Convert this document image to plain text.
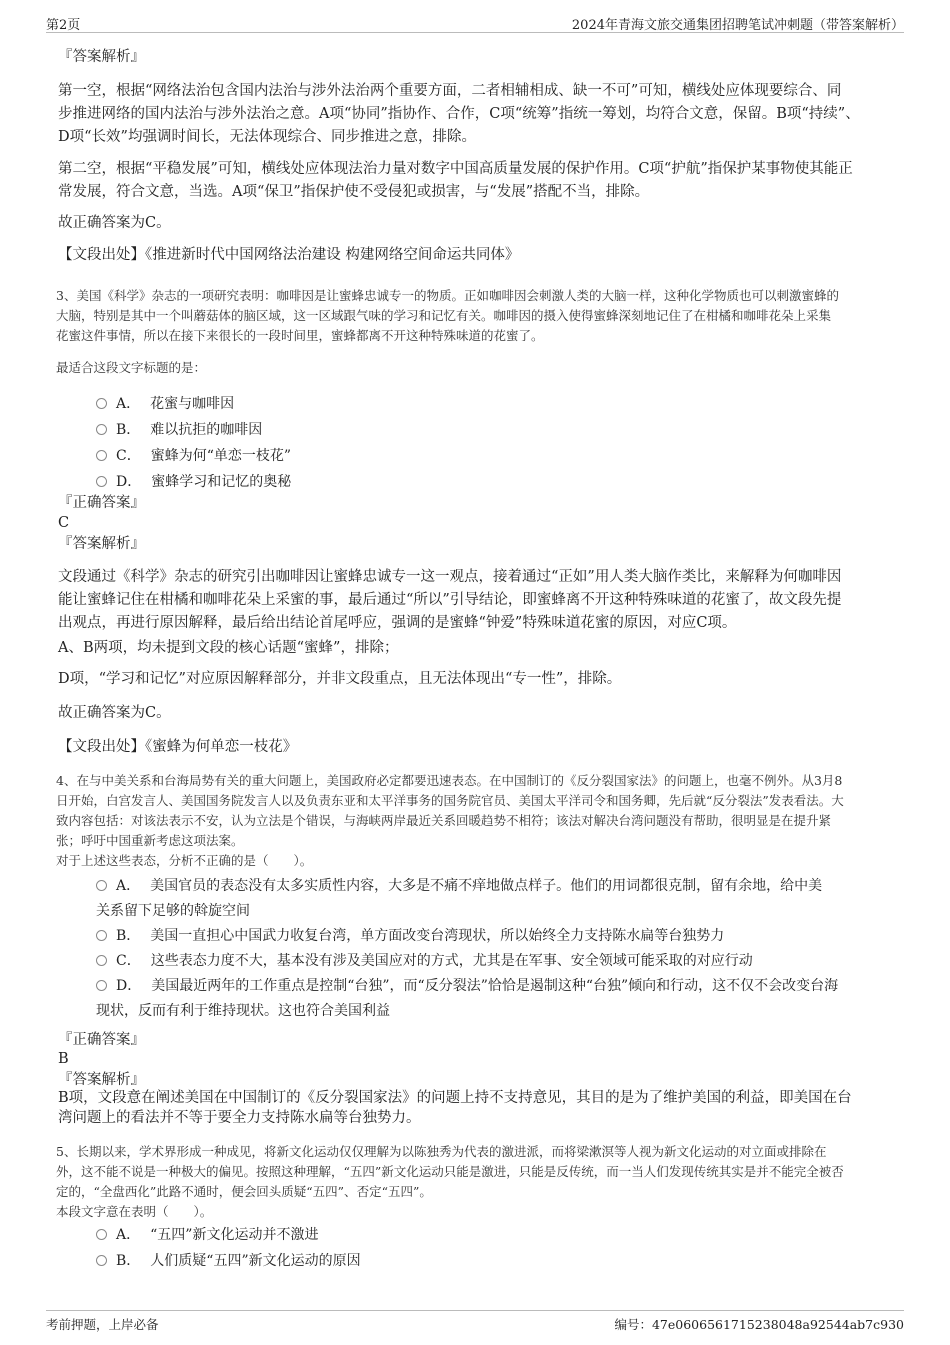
第2页	2024年青海文旅交通集团招聘笔试冲刺题（带答案解析）

『答案解析』

第一空，根据“网络法治包含国内法治与涉外法治两个重要方面，二者相辅相成、缺一不可”可知，横线处应体现要综合、同

步推进网络的国内法治与涉外法治之意。A项“协同”指协作、合作，C项“统筹”指统一筹划，均符合文意，保留。B项“持续”、

D项“长效”均强调时间长，无法体现综合、同步推进之意，排除。

第二空，根据“平稳发展”可知，横线处应体现法治力量对数字中国高质量发展的保护作用。C项“护航”指保护某事物使其能正

常发展，符合文意，当选。A项“保卫”指保护使不受侵犯或损害，与“发展”搭配不当，排除。

故正确答案为C。

【文段出处】《推进新时代中国网络法治建设 构建网络空间命运共同体》

3、美国《科学》杂志的一项研究表明：咖啡因是让蜜蜂忠诚专一的物质。正如咖啡因会刺激人类的大脑一样，这种化学物质也可以刺激蜜蜂的

大脑，特别是其中一个叫蘑菇体的脑区域，这一区域跟气味的学习和记忆有关。咖啡因的摄入使得蜜蜂深刻地记住了在柑橘和咖啡花朵上采集

花蜜这件事情，所以在接下来很长的一段时间里，蜜蜂都离不开这种特殊味道的花蜜了。

最适合这段文字标题的是：

A． 花蜜与咖啡因
B． 难以抗拒的咖啡因
C． 蜜蜂为何“单恋一枝花”
D． 蜜蜂学习和记忆的奥秘

『正确答案』

C

『答案解析』

文段通过《科学》杂志的研究引出咖啡因让蜜蜂忠诚专一这一观点，接着通过“正如”用人类大脑作类比，来解释为何咖啡因

能让蜜蜂记住在柑橘和咖啡花朵上采蜜的事，最后通过“所以”引导结论，即蜜蜂离不开这种特殊味道的花蜜了，故文段先提

出观点，再进行原因解释，最后给出结论首尾呼应，强调的是蜜蜂“钟爱”特殊味道花蜜的原因，对应C项。

A、B两项，均未提到文段的核心话题“蜜蜂”，排除；

D项，“学习和记忆”对应原因解释部分，并非文段重点，且无法体现出“专一性”，排除。

故正确答案为C。

【文段出处】《蜜蜂为何单恋一枝花》

4、在与中美关系和台海局势有关的重大问题上，美国政府必定都要迅速表态。在中国制订的《反分裂国家法》的问题上，也毫不例外。从3月8

日开始，白宫发言人、美国国务院发言人以及负责东亚和太平洋事务的国务院官员、美国太平洋司令和国务卿，先后就“反分裂法”发表看法。大

致内容包括：对该法表示不安，认为立法是个错误，与海峡两岸最近关系回暖趋势不相符；该法对解决台湾问题没有帮助，很明显是在提升紧

张；呼吁中国重新考虑这项法案。

对于上述这些表态，分析不正确的是（　　）。

A． 美国官员的表态没有太多实质性内容，大多是不痛不痒地做点样子。他们的用词都很克制，留有余地，给中美
关系留下足够的斡旋空间
B． 美国一直担心中国武力收复台湾，单方面改变台湾现状，所以始终全力支持陈水扁等台独势力
C． 这些表态力度不大，基本没有涉及美国应对的方式，尤其是在军事、安全领域可能采取的对应行动
D． 美国最近两年的工作重点是控制“台独”，而“反分裂法”恰恰是遏制这种“台独”倾向和行动，这不仅不会改变台海
现状，反而有利于维持现状。这也符合美国利益

『正确答案』

B

『答案解析』

B项，文段意在阐述美国在中国制订的《反分裂国家法》的问题上持不支持意见，其目的是为了维护美国的利益，即美国在台

湾问题上的看法并不等于要全力支持陈水扁等台独势力。

5、长期以来，学术界形成一种成见，将新文化运动仅仅理解为以陈独秀为代表的激进派，而将梁漱溟等人视为新文化运动的对立面或排除在

外，这不能不说是一种极大的偏见。按照这种理解，“五四”新文化运动只能是激进，只能是反传统，而一当人们发现传统其实是并不能完全被否

定的，“全盘西化”此路不通时，便会回头质疑“五四”、否定“五四”。

本段文字意在表明（　　）。

A． “五四”新文化运动并不激进
B． 人们质疑“五四”新文化运动的原因
考前押题，上岸必备	编号：47e0606561715238048a92544ab7c930
